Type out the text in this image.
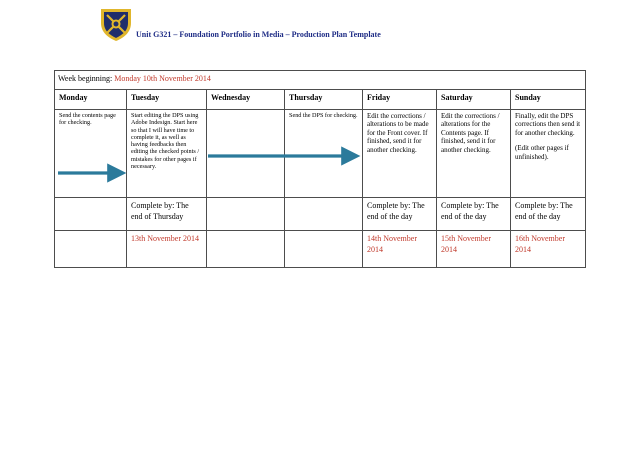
Unit G321 – Foundation Portfolio in Media – Production Plan Template
Week beginning: Monday 10th November 2014						
Monday	Tuesday	Wednesday	Thursday	Friday	Saturday	Sunday
Send the contents page for checking.	Start editing the DPS using Adobe Indesign. Start here so that I will have time to complete it, as well as having feedbacks then editing the checked points / mistakes for other pages if necessary.		Send the DPS for checking.	Edit the corrections / alterations to be made for the Front cover. If finished, send it for another checking.	Edit the corrections / alterations for the Contents page. If finished, send it for another checking.	Finally, edit the DPS corrections then send it for another checking.
(Edit other pages if unfinished).

	Complete by: The end of Thursday			Complete by: The end of the day	Complete by: The end of the day	Complete by: The end of the day
	13th November 2014			14th November 2014	15th November 2014	16th November 2014
